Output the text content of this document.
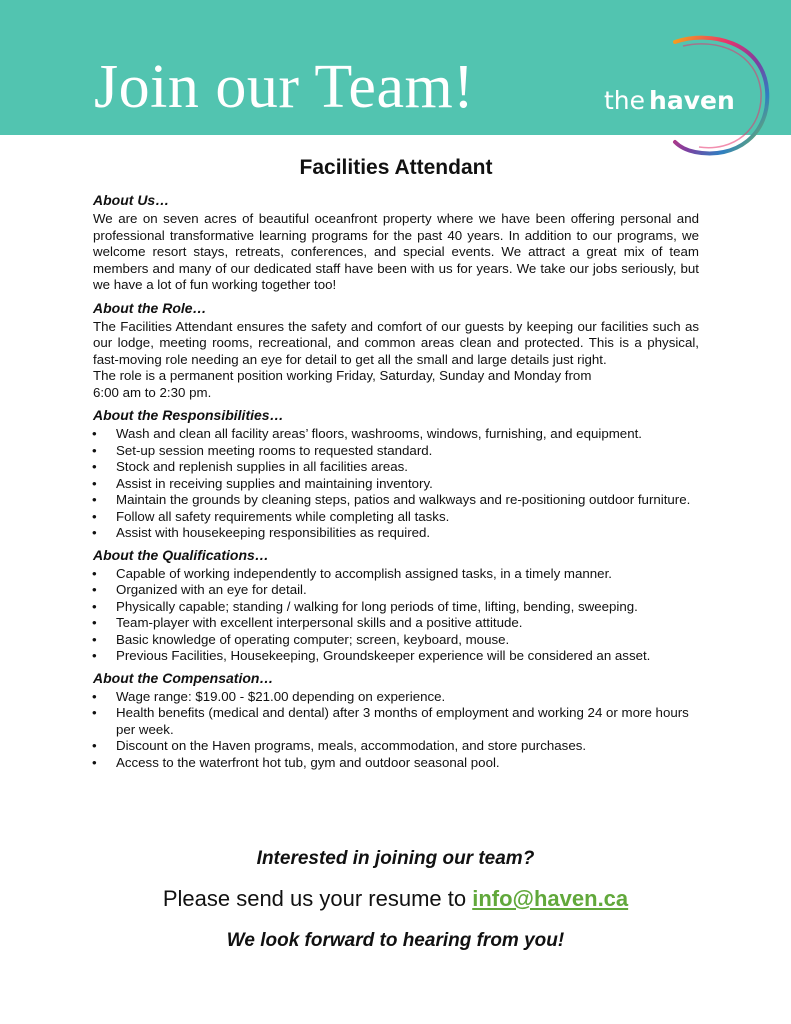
Join our Team!	the haven
Facilities Attendant
About Us…

We are on seven acres of beautiful oceanfront property where we have been offering personal and professional transformative learning programs for the past 40 years. In addition to our programs, we welcome resort stays, retreats, conferences, and special events. We attract a great mix of team members and many of our dedicated staff have been with us for years. We take our jobs seriously, but we have a lot of fun working together too!

About the Role…

The Facilities Attendant ensures the safety and comfort of our guests by keeping our facilities such as our lodge, meeting rooms, recreational, and common areas clean and protected. This is a physical, fast-moving role needing an eye for detail to get all the small and large details just right.

The role is a permanent position working Friday, Saturday, Sunday and Monday from

6:00 am to 2:30 pm.

About the Responsibilities…
• Wash and clean all facility areas’ floors, washrooms, windows, furnishing, and equipment.
• Set-up session meeting rooms to requested standard.
• Stock and replenish supplies in all facilities areas.
• Assist in receiving supplies and maintaining inventory.
• Maintain the grounds by cleaning steps, patios and walkways and re-positioning outdoor furniture.
• Follow all safety requirements while completing all tasks.
• Assist with housekeeping responsibilities as required.
About the Qualifications…
• Capable of working independently to accomplish assigned tasks, in a timely manner.
• Organized with an eye for detail.
• Physically capable; standing / walking for long periods of time, lifting, bending, sweeping.
• Team-player with excellent interpersonal skills and a positive attitude.
• Basic knowledge of operating computer; screen, keyboard, mouse.
• Previous Facilities, Housekeeping, Groundskeeper experience will be considered an asset.
About the Compensation…
• Wage range: $19.00 - $21.00 depending on experience.
• Health benefits (medical and dental) after 3 months of employment and working 24 or more hours per week.
• Discount on the Haven programs, meals, accommodation, and store purchases.
• Access to the waterfront hot tub, gym and outdoor seasonal pool.
Interested in joining our team?
Please send us your resume to info@haven.ca
We look forward to hearing from you!
